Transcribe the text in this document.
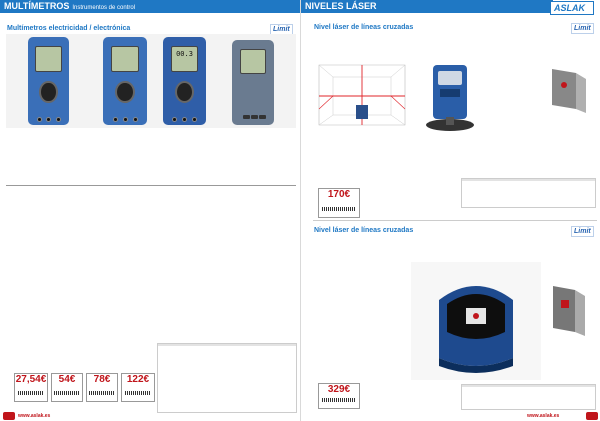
MULTÍMETROS Instrumentos de control
Multímetros electricidad / electrónica	Limit
00.3
27,54€	54€	78€	122€
www.aslak.es
NIVELES LÁSER	ASLAK
Nivel láser de líneas cruzadas	Limit
170€
Nivel láser de líneas cruzadas	Limit
329€
www.aslak.es
